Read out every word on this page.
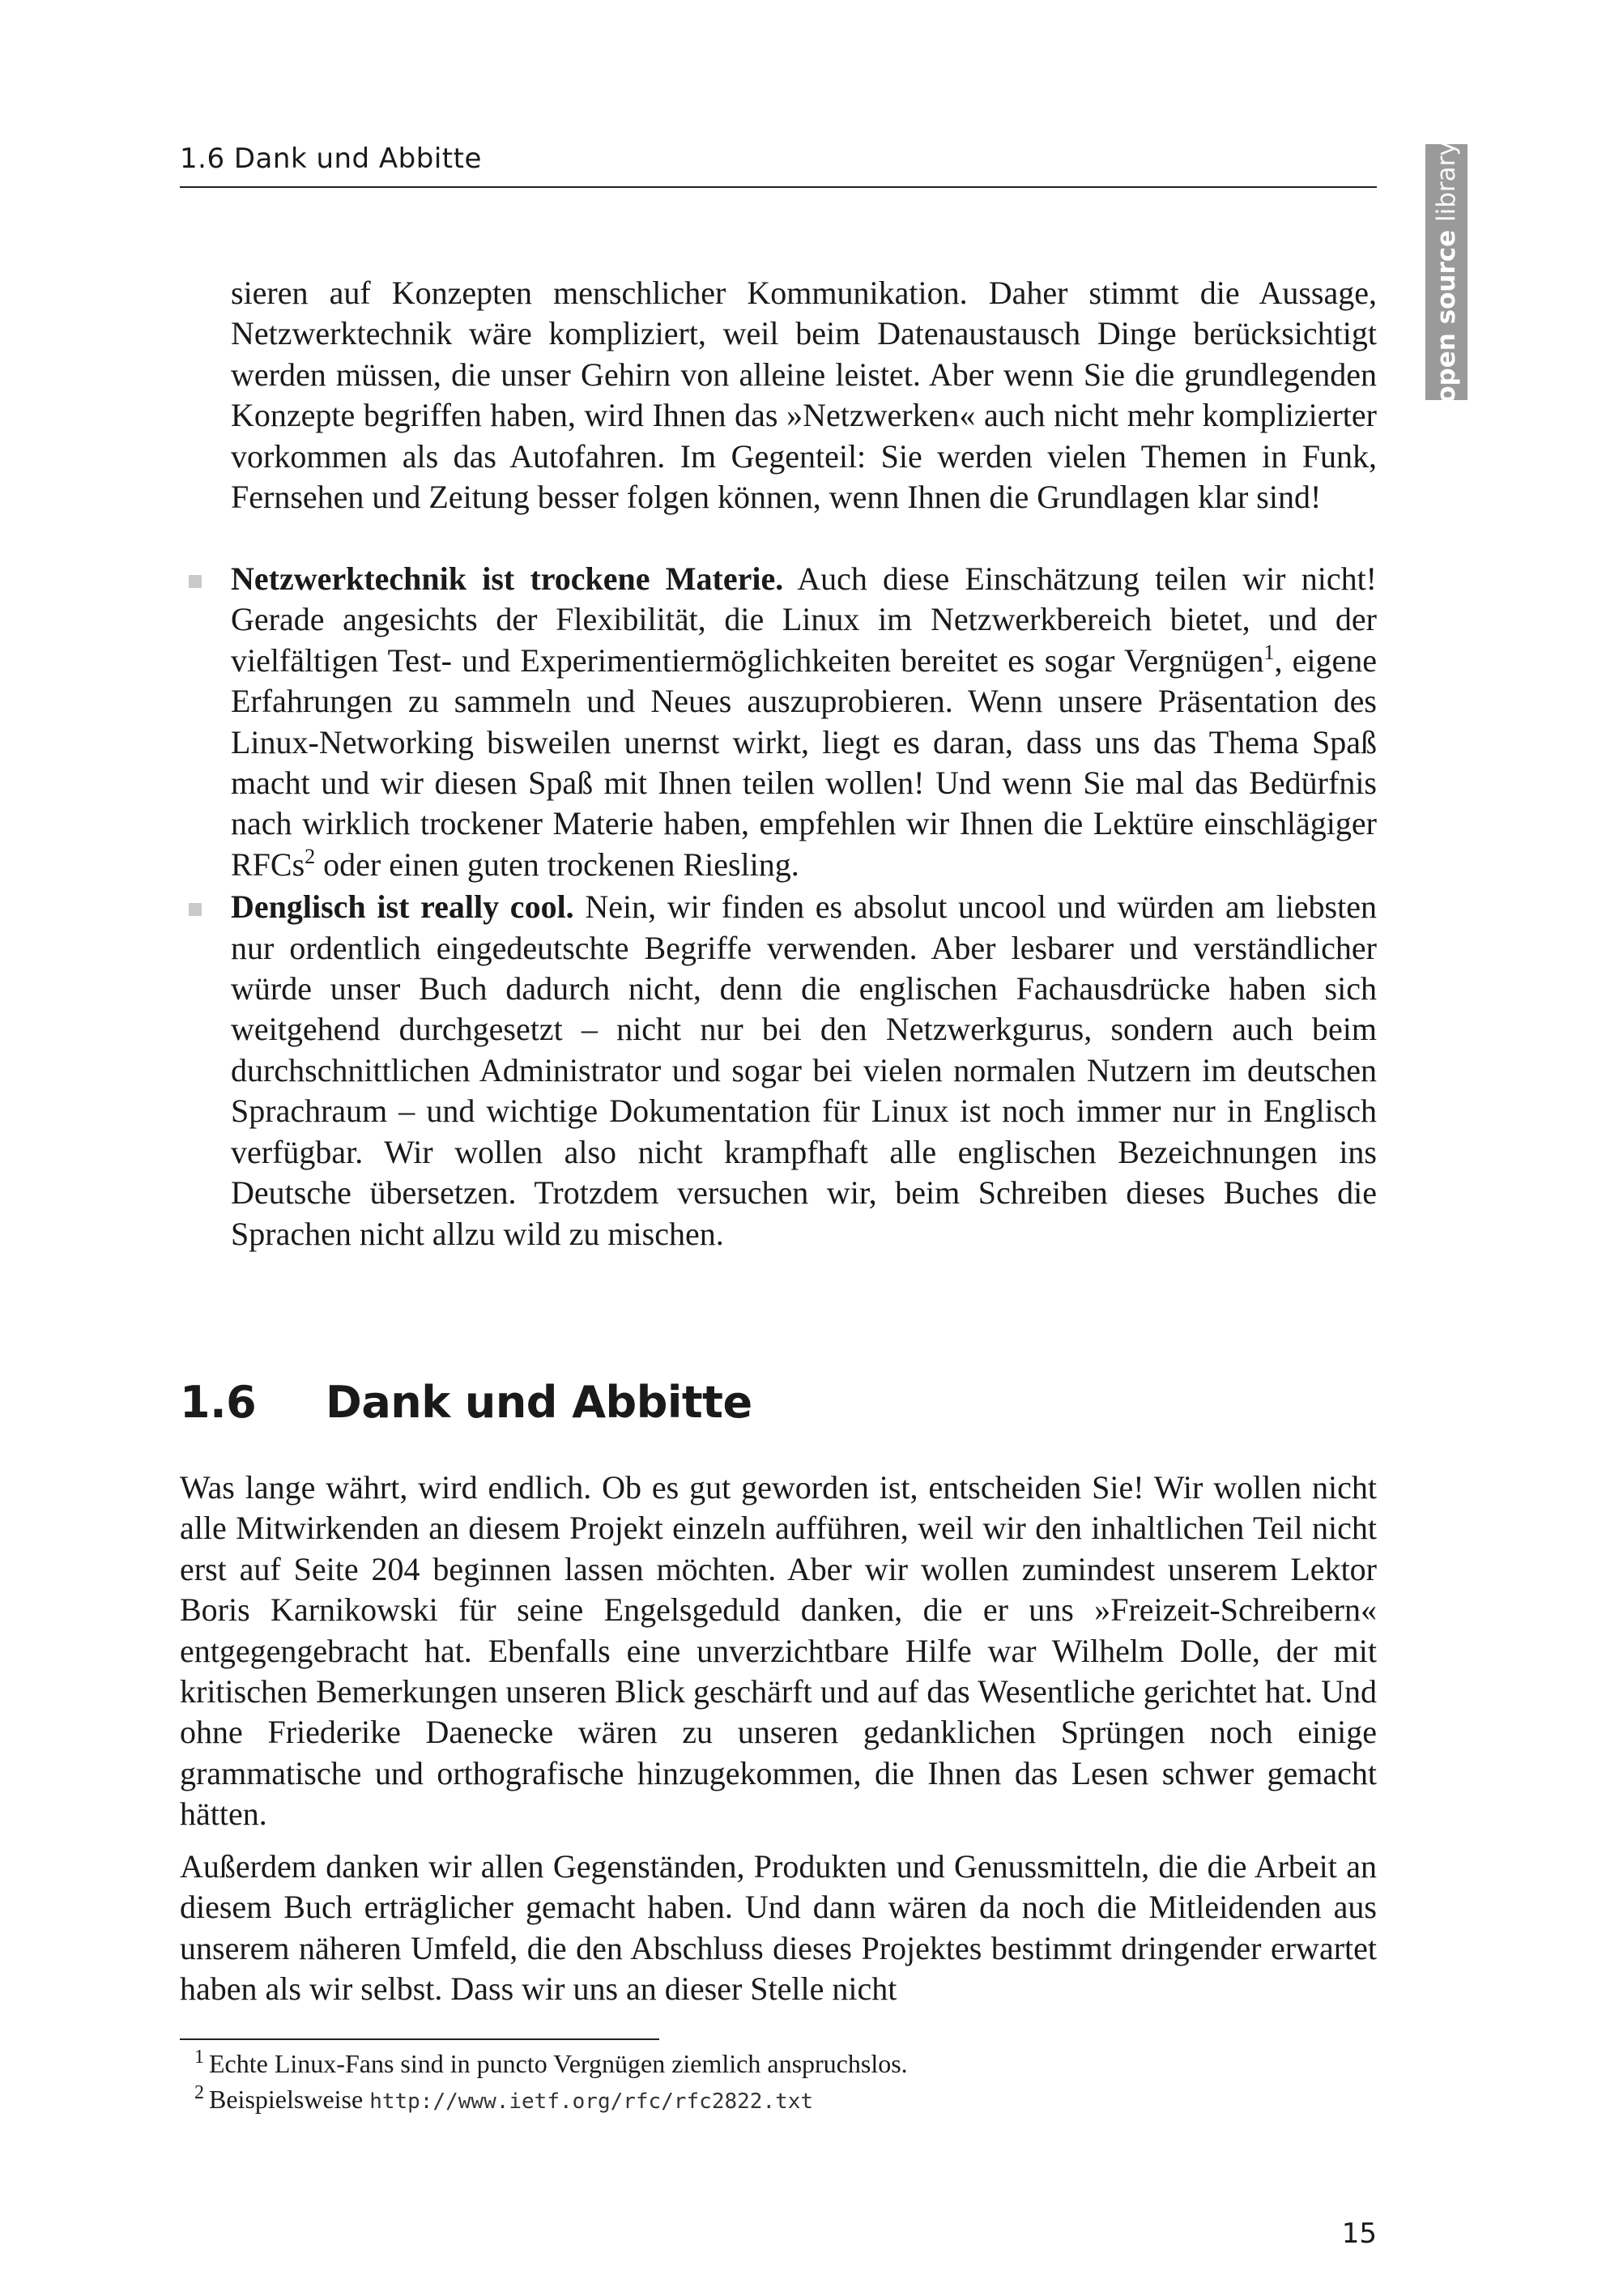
1.6 Dank und Abbitte
open source library

sieren auf Konzepten menschlicher Kommunikation. Daher stimmt die Aussage, Netzwerktechnik wäre kompliziert, weil beim Datenaustausch Dinge berücksichtigt werden müssen, die unser Gehirn von alleine leistet. Aber wenn Sie die grundlegenden Konzepte begriffen haben, wird Ihnen das »Netzwerken« auch nicht mehr komplizierter vorkommen als das Autofahren. Im Gegenteil: Sie werden vielen Themen in Funk, Fernsehen und Zeitung besser folgen können, wenn Ihnen die Grundlagen klar sind!

Netzwerktechnik ist trockene Materie. Auch diese Einschätzung teilen wir nicht! Gerade angesichts der Flexibilität, die Linux im Netzwerkbereich bietet, und der vielfältigen Test- und Experimentiermöglichkeiten bereitet es sogar Vergnügen$^1$, eigene Erfahrungen zu sammeln und Neues auszuprobieren. Wenn unsere Präsentation des Linux-Networking bisweilen unernst wirkt, liegt es daran, dass uns das Thema Spaß macht und wir diesen Spaß mit Ihnen teilen wollen! Und wenn Sie mal das Bedürfnis nach wirklich trockener Materie haben, empfehlen wir Ihnen die Lektüre einschlägiger RFCs$^2$ oder einen guten trockenen Riesling.
Denglisch ist really cool. Nein, wir finden es absolut uncool und würden am liebsten nur ordentlich eingedeutschte Begriffe verwenden. Aber lesbarer und verständlicher würde unser Buch dadurch nicht, denn die englischen Fachausdrücke haben sich weitgehend durchgesetzt – nicht nur bei den Netzwerkgurus, sondern auch beim durchschnittlichen Administrator und sogar bei vielen normalen Nutzern im deutschen Sprachraum – und wichtige Dokumentation für Linux ist noch immer nur in Englisch verfügbar. Wir wollen also nicht krampfhaft alle englischen Bezeichnungen ins Deutsche übersetzen. Trotzdem versuchen wir, beim Schreiben dieses Buches die Sprachen nicht allzu wild zu mischen.
1.6 Dank und Abbitte

Was lange währt, wird endlich. Ob es gut geworden ist, entscheiden Sie! Wir wollen nicht alle Mitwirkenden an diesem Projekt einzeln aufführen, weil wir den inhaltlichen Teil nicht erst auf Seite 204 beginnen lassen möchten. Aber wir wollen zumindest unserem Lektor Boris Karnikowski für seine Engelsgeduld danken, die er uns »Freizeit-Schreibern« entgegengebracht hat. Ebenfalls eine unverzichtbare Hilfe war Wilhelm Dolle, der mit kritischen Bemerkungen unseren Blick geschärft und auf das Wesentliche gerichtet hat. Und ohne Friederike Daenecke wären zu unseren gedanklichen Sprüngen noch einige grammatische und orthografische hinzugekommen, die Ihnen das Lesen schwer gemacht hätten.

Außerdem danken wir allen Gegenständen, Produkten und Genussmitteln, die die Arbeit an diesem Buch erträglicher gemacht haben. Und dann wären da noch die Mitleidenden aus unserem näheren Umfeld, die den Abschluss dieses Projektes bestimmt dringender erwartet haben als wir selbst. Dass wir uns an dieser Stelle nicht

$^1$ Echte Linux-Fans sind in puncto Vergnügen ziemlich anspruchslos.
$^2$ Beispielsweise http://www.ietf.org/rfc/rfc2822.txt
15
